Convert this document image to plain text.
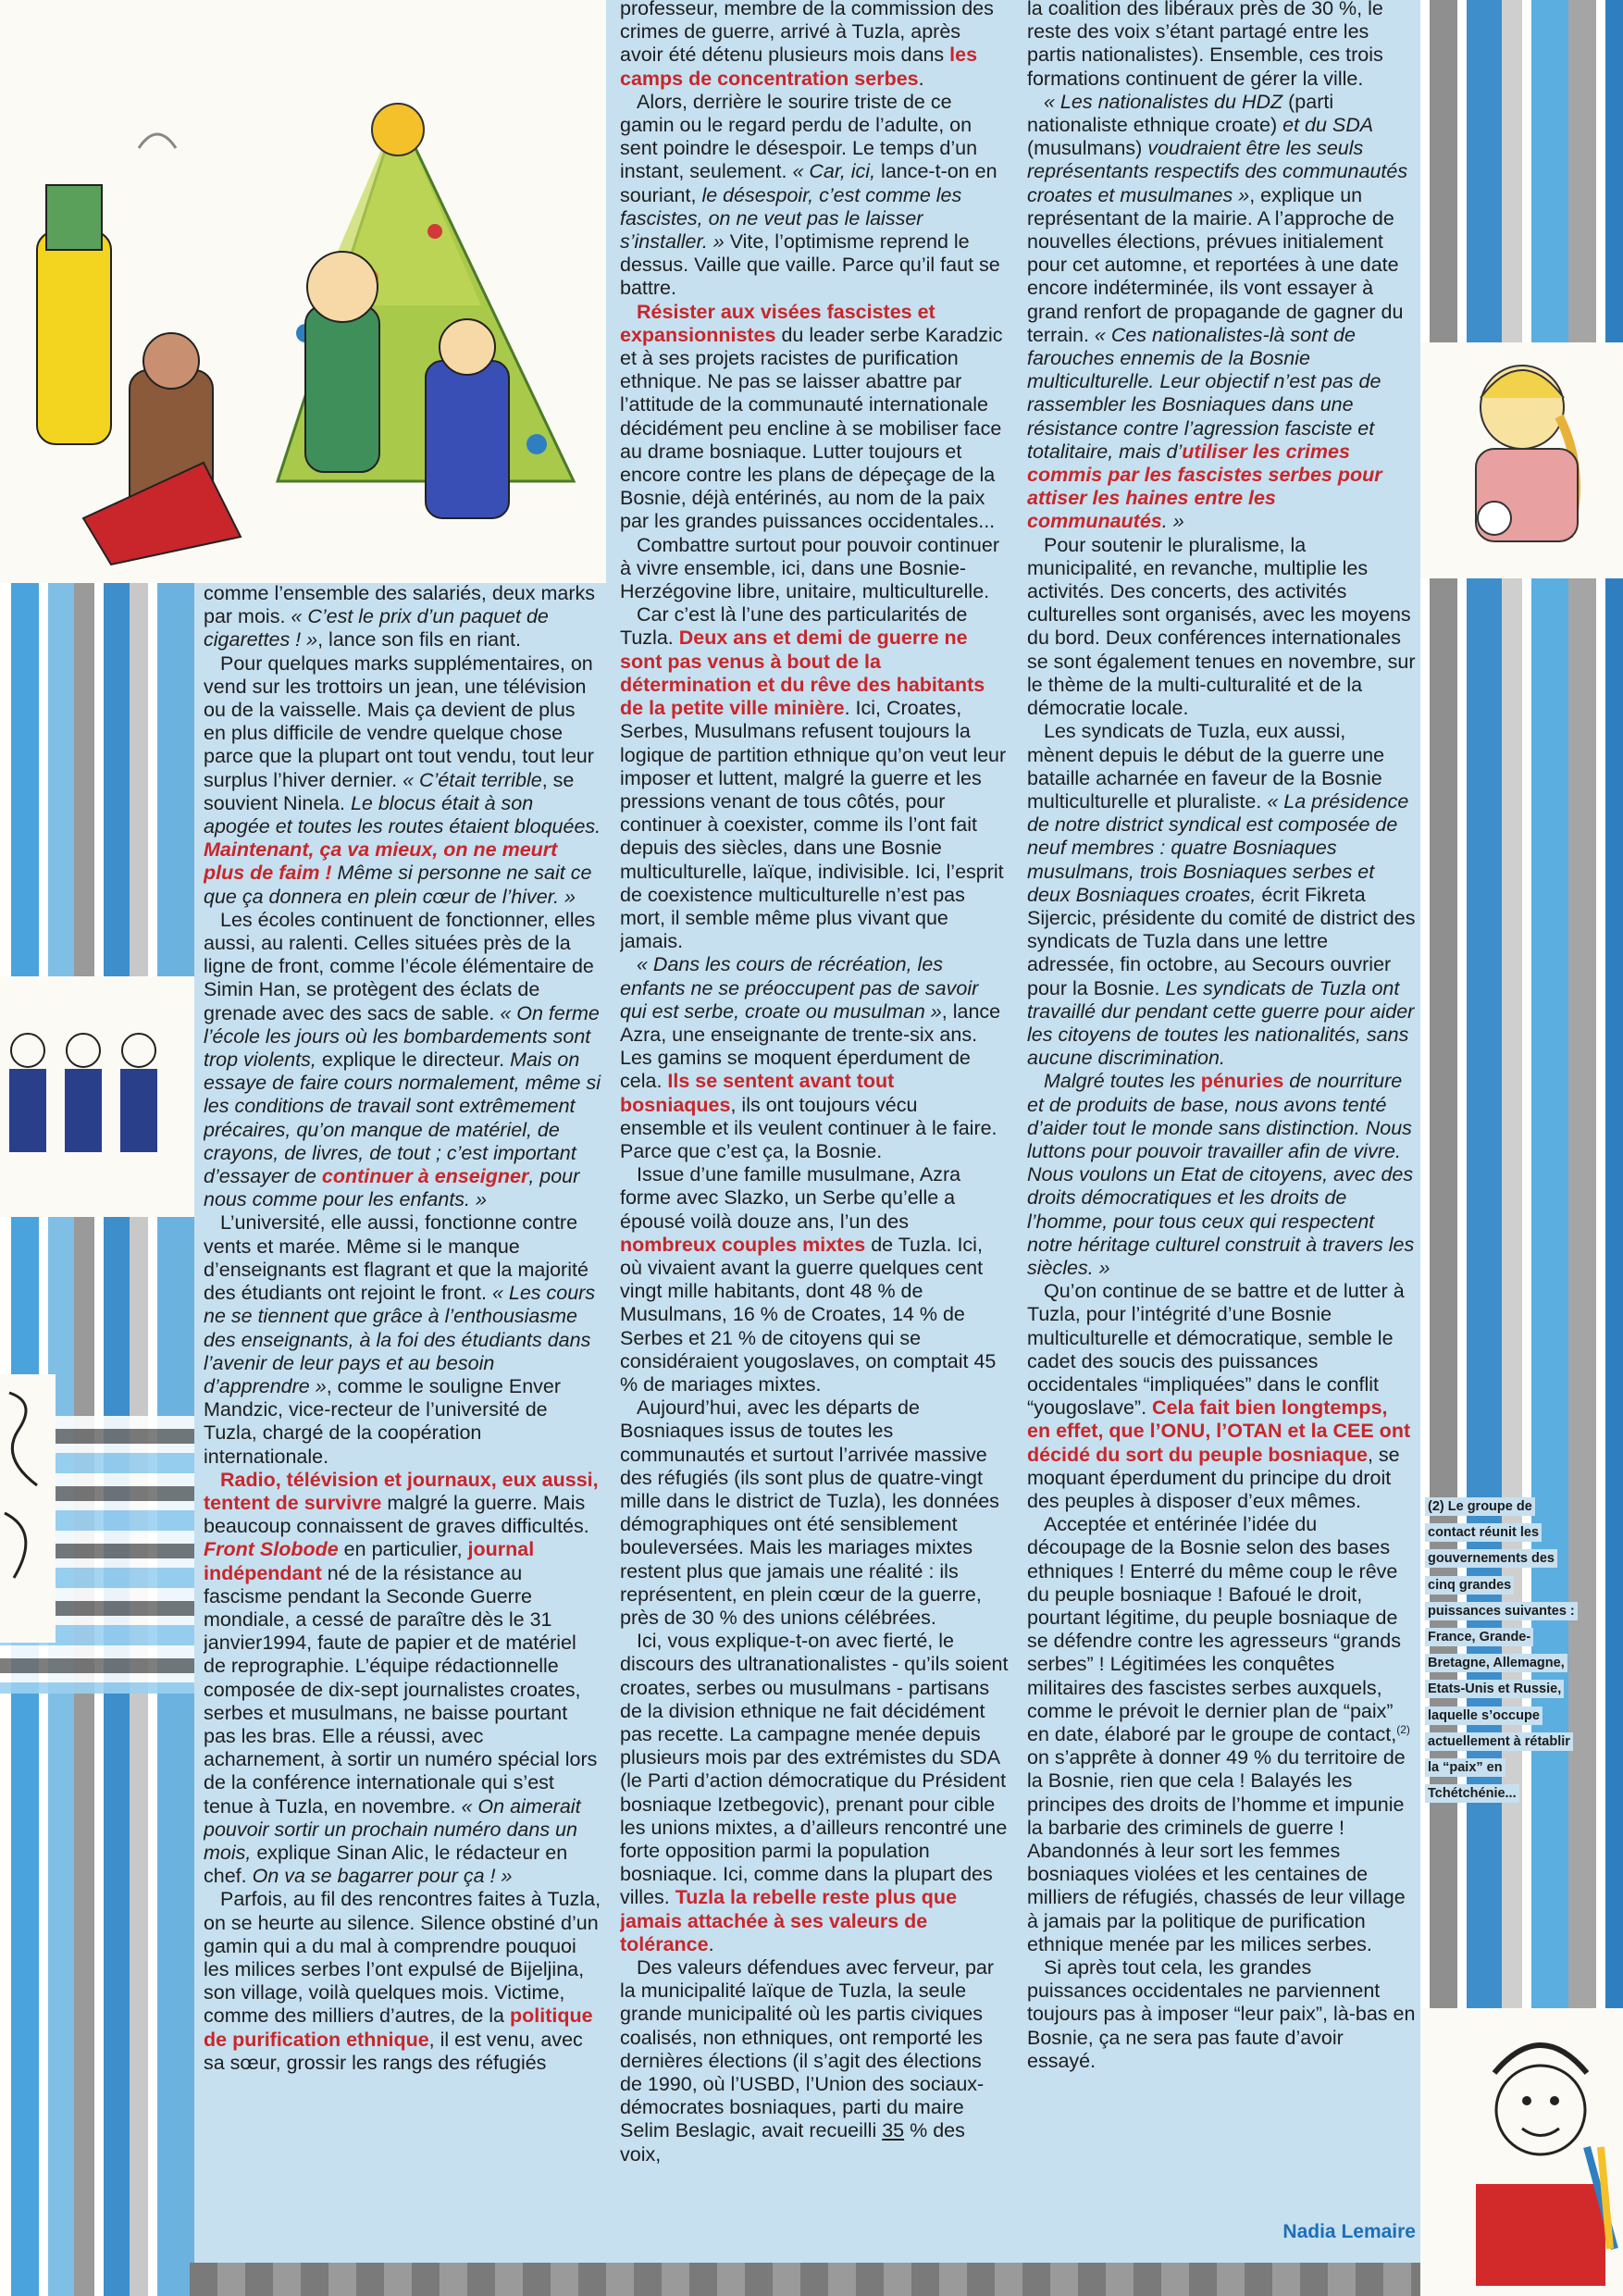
comme l’ensemble des salariés, deux marks par mois. « C’est le prix d’un paquet de cigarettes ! », lance son fils en riant.

Pour quelques marks supplémentaires, on vend sur les trottoirs un jean, une télévision ou de la vaisselle. Mais ça devient de plus en plus difficile de vendre quelque chose parce que la plupart ont tout vendu, tout leur surplus l’hiver dernier. « C’était terrible, se souvient Ninela. Le blocus était à son apogée et toutes les routes étaient bloquées. Maintenant, ça va mieux, on ne meurt plus de faim ! Même si personne ne sait ce que ça donnera en plein cœur de l’hiver. »

Les écoles continuent de fonctionner, elles aussi, au ralenti. Celles situées près de la ligne de front, comme l’école élémentaire de Simin Han, se protègent des éclats de grenade avec des sacs de sable. « On ferme l’école les jours où les bombardements sont trop violents, explique le directeur. Mais on essaye de faire cours normalement, même si les conditions de travail sont extrêmement précaires, qu’on manque de matériel, de crayons, de livres, de tout ; c’est important d’essayer de continuer à enseigner, pour nous comme pour les enfants. »

L’université, elle aussi, fonctionne contre vents et marée. Même si le manque d’enseignants est flagrant et que la majorité des étudiants ont rejoint le front. « Les cours ne se tiennent que grâce à l’enthousiasme des enseignants, à la foi des étudiants dans l’avenir de leur pays et au besoin d’apprendre », comme le souligne Enver Mandzic, vice-recteur de l’université de Tuzla, chargé de la coopération internationale.

Radio, télévision et journaux, eux aussi, tentent de survivre malgré la guerre. Mais beaucoup connaissent de graves difficultés. Front Slobode en particulier, journal indépendant né de la résistance au fascisme pendant la Seconde Guerre mondiale, a cessé de paraître dès le 31 janvier1994, faute de papier et de matériel de reprographie. L’équipe rédactionnelle composée de dix-sept journalistes croates, serbes et musulmans, ne baisse pourtant pas les bras. Elle a réussi, avec acharnement, à sortir un numéro spécial lors de la conférence internationale qui s’est tenue à Tuzla, en novembre. « On aimerait pouvoir sortir un prochain numéro dans un mois, explique Sinan Alic, le rédacteur en chef. On va se bagarrer pour ça ! »

Parfois, au fil des rencontres faites à Tuzla, on se heurte au silence. Silence obstiné d’un gamin qui a du mal à comprendre pouquoi les milices serbes l’ont expulsé de Bijeljina, son village, voilà quelques mois. Victime, comme des milliers d’autres, de la politique de purification ethnique, il est venu, avec sa sœur, grossir les rangs des réfugiés

professeur, membre de la commission des crimes de guerre, arrivé à Tuzla, après avoir été détenu plusieurs mois dans les camps de concentration serbes.

Alors, derrière le sourire triste de ce gamin ou le regard perdu de l’adulte, on sent poindre le désespoir. Le temps d’un instant, seulement. « Car, ici, lance-t-on en souriant, le désespoir, c’est comme les fascistes, on ne veut pas le laisser s’installer. » Vite, l’optimisme reprend le dessus. Vaille que vaille. Parce qu’il faut se battre.

Résister aux visées fascistes et expansionnistes du leader serbe Karadzic et à ses projets racistes de purification ethnique. Ne pas se laisser abattre par l’attitude de la communauté internationale décidément peu encline à se mobiliser face au drame bosniaque. Lutter toujours et encore contre les plans de dépeçage de la Bosnie, déjà entérinés, au nom de la paix par les grandes puissances occidentales...

Combattre surtout pour pouvoir continuer à vivre ensemble, ici, dans une Bosnie-Herzégovine libre, unitaire, multiculturelle.

Car c’est là l’une des particularités de Tuzla. Deux ans et demi de guerre ne sont pas venus à bout de la détermination et du rêve des habitants de la petite ville minière. Ici, Croates, Serbes, Musulmans refusent toujours la logique de partition ethnique qu’on veut leur imposer et luttent, malgré la guerre et les pressions venant de tous côtés, pour continuer à coexister, comme ils l’ont fait depuis des siècles, dans une Bosnie multiculturelle, laïque, indivisible. Ici, l’esprit de coexistence multiculturelle n’est pas mort, il semble même plus vivant que jamais.

« Dans les cours de récréation, les enfants ne se préoccupent pas de savoir qui est serbe, croate ou musulman », lance Azra, une enseignante de trente-six ans. Les gamins se moquent éperdument de cela. Ils se sentent avant tout bosniaques, ils ont toujours vécu ensemble et ils veulent continuer à le faire. Parce que c’est ça, la Bosnie.

Issue d’une famille musulmane, Azra forme avec Slazko, un Serbe qu’elle a épousé voilà douze ans, l’un des nombreux couples mixtes de Tuzla. Ici, où vivaient avant la guerre quelques cent vingt mille habitants, dont 48 % de Musulmans, 16 % de Croates, 14 % de Serbes et 21 % de citoyens qui se considéraient yougoslaves, on comptait 45 % de mariages mixtes.

Aujourd’hui, avec les départs de Bosniaques issus de toutes les communautés et surtout l’arrivée massive des réfugiés (ils sont plus de quatre-vingt mille dans le district de Tuzla), les données démographiques ont été sensiblement bouleversées. Mais les mariages mixtes restent plus que jamais une réalité : ils représentent, en plein cœur de la guerre, près de 30 % des unions célébrées.

Ici, vous explique-t-on avec fierté, le discours des ultranationalistes - qu’ils soient croates, serbes ou musulmans - partisans de la division ethnique ne fait décidément pas recette. La campagne menée depuis plusieurs mois par des extrémistes du SDA (le Parti d’action démocratique du Président bosniaque Izetbegovic), prenant pour cible les unions mixtes, a d’ailleurs rencontré une forte opposition parmi la population bosniaque. Ici, comme dans la plupart des villes. Tuzla la rebelle reste plus que jamais attachée à ses valeurs de tolérance.

Des valeurs défendues avec ferveur, par la municipalité laïque de Tuzla, la seule grande municipalité où les partis civiques coalisés, non ethniques, ont remporté les dernières élections (il s’agit des élections de 1990, où l’USBD, l’Union des sociaux-démocrates bosniaques, parti du maire Selim Beslagic, avait recueilli 35 % des voix,

la coalition des libéraux près de 30 %, le reste des voix s’étant partagé entre les partis nationalistes). Ensemble, ces trois formations continuent de gérer la ville.

« Les nationalistes du HDZ (parti nationaliste ethnique croate) et du SDA (musulmans) voudraient être les seuls représentants respectifs des communautés croates et musulmanes », explique un représentant de la mairie. A l’approche de nouvelles élections, prévues initialement pour cet automne, et reportées à une date encore indéterminée, ils vont essayer à grand renfort de propagande de gagner du terrain. « Ces nationalistes-là sont de farouches ennemis de la Bosnie multiculturelle. Leur objectif n’est pas de rassembler les Bosniaques dans une résistance contre l’agression fasciste et totalitaire, mais d’utiliser les crimes commis par les fascistes serbes pour attiser les haines entre les communautés. »

Pour soutenir le pluralisme, la municipalité, en revanche, multiplie les activités. Des concerts, des activités culturelles sont organisés, avec les moyens du bord. Deux conférences internationales se sont également tenues en novembre, sur le thème de la multi-culturalité et de la démocratie locale.

Les syndicats de Tuzla, eux aussi, mènent depuis le début de la guerre une bataille acharnée en faveur de la Bosnie multiculturelle et pluraliste. « La présidence de notre district syndical est composée de neuf membres : quatre Bosniaques musulmans, trois Bosniaques serbes et deux Bosniaques croates, écrit Fikreta Sijercic, présidente du comité de district des syndicats de Tuzla dans une lettre adressée, fin octobre, au Secours ouvrier pour la Bosnie. Les syndicats de Tuzla ont travaillé dur pendant cette guerre pour aider les citoyens de toutes les nationalités, sans aucune discrimination.

Malgré toutes les pénuries de nourriture et de produits de base, nous avons tenté d’aider tout le monde sans distinction. Nous luttons pour pouvoir travailler afin de vivre. Nous voulons un Etat de citoyens, avec des droits démocratiques et les droits de l’homme, pour tous ceux qui respectent notre héritage culturel construit à travers les siècles. »

Qu’on continue de se battre et de lutter à Tuzla, pour l’intégrité d’une Bosnie multiculturelle et démocratique, semble le cadet des soucis des puissances occidentales “impliquées” dans le conflit “yougoslave”. Cela fait bien longtemps, en effet, que l’ONU, l’OTAN et la CEE ont décidé du sort du peuple bosniaque, se moquant éperdument du principe du droit des peuples à disposer d’eux mêmes.

Acceptée et entérinée l’idée du découpage de la Bosnie selon des bases ethniques ! Enterré du même coup le rêve du peuple bosniaque ! Bafoué le droit, pourtant légitime, du peuple bosniaque de se défendre contre les agresseurs “grands serbes” ! Légitimées les conquêtes militaires des fascistes serbes auxquels, comme le prévoit le dernier plan de “paix” en date, élaboré par le groupe de contact,$^{(2)}$ on s’apprête à donner 49 % du territoire de la Bosnie, rien que cela ! Balayés les principes des droits de l’homme et impunie la barbarie des criminels de guerre ! Abandonnés à leur sort les femmes bosniaques violées et les centaines de milliers de réfugiés, chassés de leur village à jamais par la politique de purification ethnique menée par les milices serbes.

Si après tout cela, les grandes puissances occidentales ne parviennent toujours pas à imposer “leur paix”, là-bas en Bosnie, ça ne sera pas faute d’avoir essayé.

Nadia Lemaire
(2) Le groupe de
contact réunit les
gouvernements des
cinq grandes
puissances suivantes :
France, Grande-
Bretagne, Allemagne,
Etats-Unis et Russie,
laquelle s’occupe
actuellement à rétablir
la “paix” en
Tchétchénie...
